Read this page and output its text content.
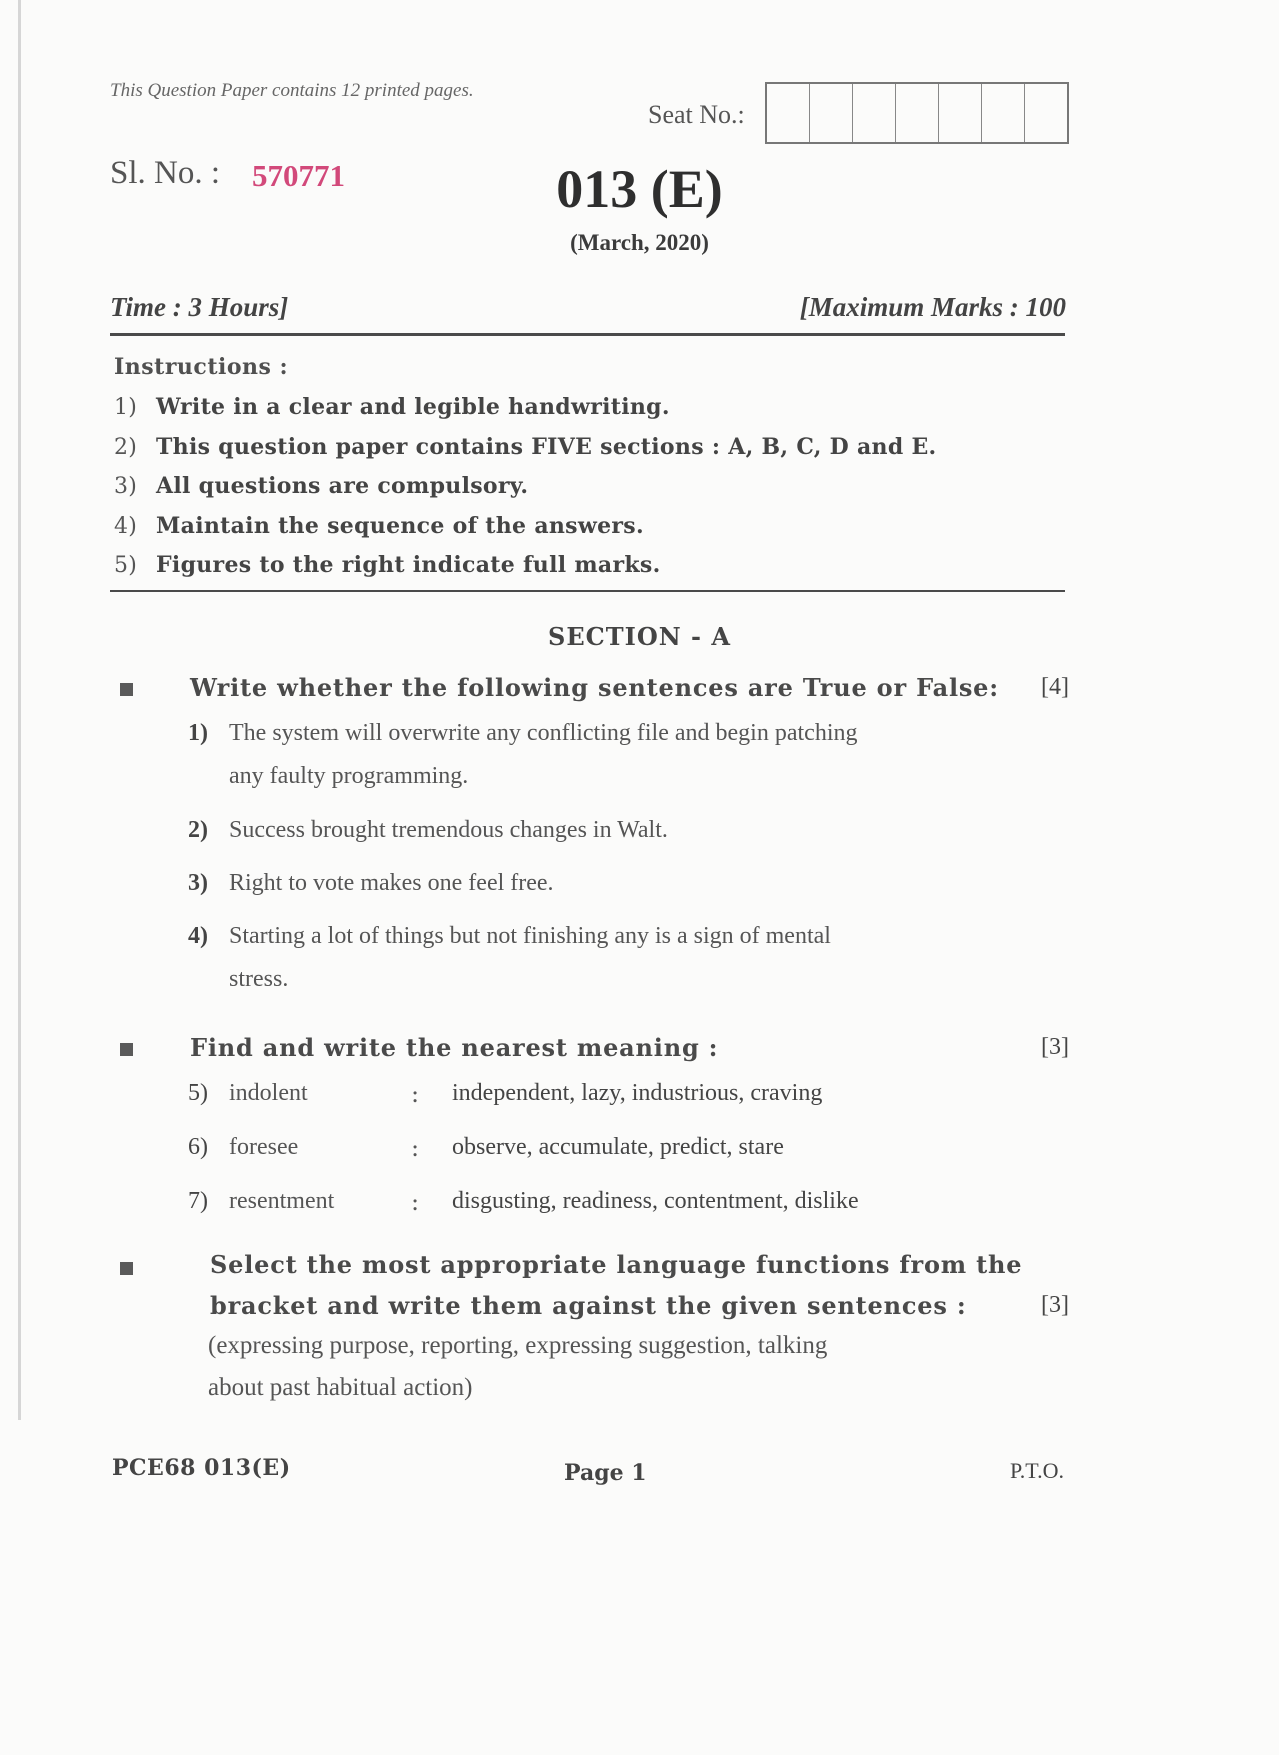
This Question Paper contains 12 printed pages.
Seat No.:
Sl. No. : 570771	013 (E)
(March, 2020)
Time : 3 Hours]	[Maximum Marks : 100
Instructions :
1) Write in a clear and legible handwriting.
2) This question paper contains FIVE sections : A, B, C, D and E.
3) All questions are compulsory.
4) Maintain the sequence of the answers.
5) Figures to the right indicate full marks.
SECTION - A
Write whether the following sentences are True or False: [4]
1) The system will overwrite any conflicting file and begin patching
any faulty programming.
2) Success brought tremendous changes in Walt.
3) Right to vote makes one feel free.
4) Starting a lot of things but not finishing any is a sign of mental
stress.
Find and write the nearest meaning :	[3]
5) indolent	: independent, lazy, industrious, craving
6) foresee	: observe, accumulate, predict, stare
7) resentment	: disgusting, readiness, contentment, dislike
Select the most appropriate language functions from the
bracket and write them against the given sentences :	[3]
(expressing purpose, reporting, expressing suggestion, talking
about past habitual action)
PCE68 013(E)	Page 1	P.T.O.
